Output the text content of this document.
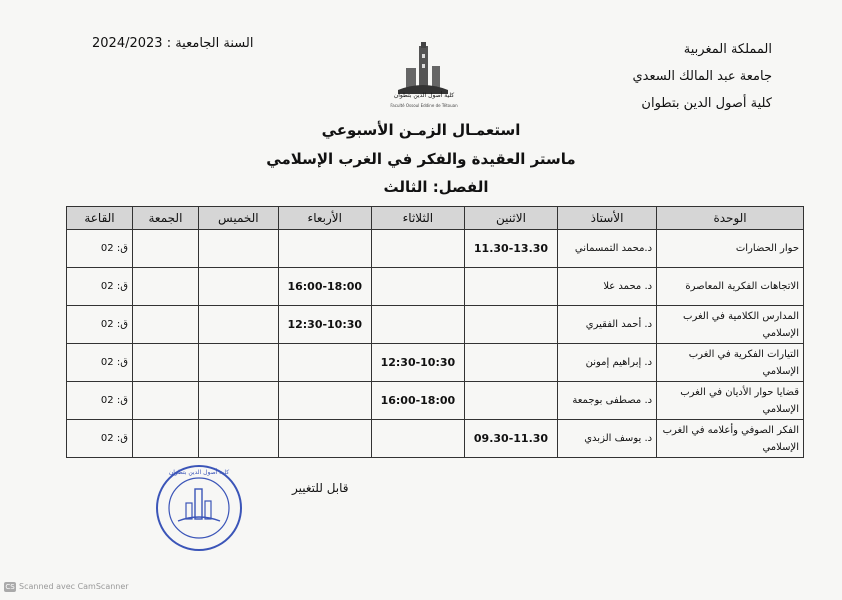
المملكة المغربية
جامعة عبد المالك السعدي
كلية أصول الدين بتطوان
السنة الجامعية : 2024/2023
كلية أصول الدين بتطوان
Faculté Ossoul Eddine de Tétouan
استعمـال الزمـن الأسبوعي
ماستر العقيدة والفكر في الغرب الإسلامي
الفصل: الثالث
الوحدة	الأستاذ	الاثنين	الثلاثاء	الأربعاء	الخميس	الجمعة	القاعة
حوار الحضارات	د.محمد التمسماني	11.30-13.30					ق: 02
الاتجاهات الفكرية المعاصرة	د. محمد علا			16:00-18:00			ق: 02
المدارس الكلامية في الغرب الإسلامي	د. أحمد الفقيري			12:30-10:30			ق: 02
التيارات الفكرية في الغرب الإسلامي	د. إبراهيم إمونن		12:30-10:30				ق: 02
قضايا حوار الأديان في الغرب الإسلامي	د. مصطفى بوجمعة		16:00-18:00				ق: 02
الفكر الصوفي وأعلامه في الغرب الإسلامي	د. يوسف الزبدي	09.30-11.30					ق: 02
قابل للتغيير
كلية أصول الدين بتطوان
CS Scanned avec CamScanner
